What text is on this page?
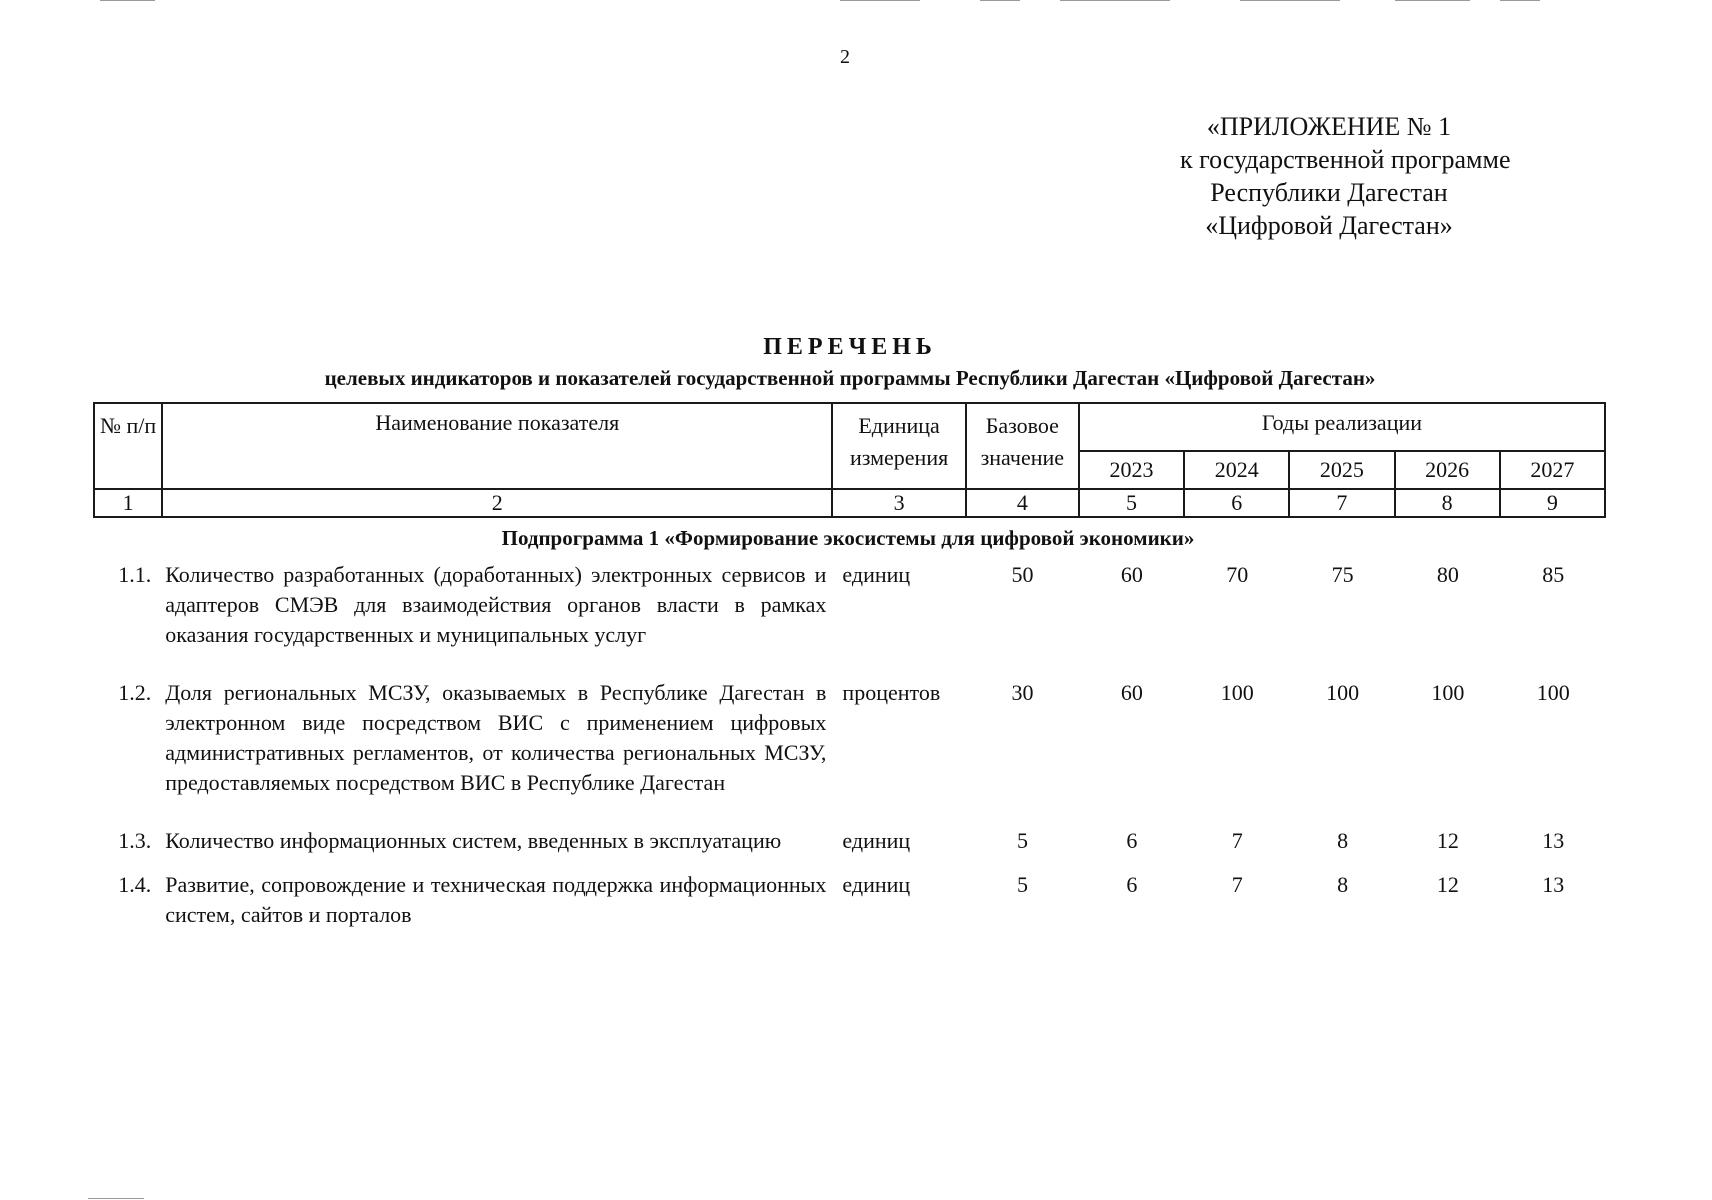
2
«ПРИЛОЖЕНИЕ № 1
к государственной программе
Республики Дагестан
«Цифровой Дагестан»
ПЕРЕЧЕНЬ
целевых индикаторов и показателей государственной программы Республики Дагестан «Цифровой Дагестан»
№ п/п	Наименование показателя	Единица измерения	Базовое значение	Годы реализации				
				2023	2024	2025	2026	2027
1	2	3	4	5	6	7	8	9
Подпрограмма 1 «Формирование экосистемы для цифровой экономики»
1.1.	Количество разработанных (доработанных) электронных сервисов и адаптеров СМЭВ для взаимодействия органов власти в рамках оказания государственных и муниципальных услуг	единиц	50	60	70	75	80	85
1.2.	Доля региональных МСЗУ, оказываемых в Республике Дагестан в электронном виде посредством ВИС с применением цифровых административных регламентов, от количества региональных МСЗУ, предоставляемых посредством ВИС в Республике Дагестан	процентов	30	60	100	100	100	100
1.3.	Количество информационных систем, введенных в эксплуатацию	единиц	5	6	7	8	12	13
1.4.	Развитие, сопровождение и техническая поддержка информационных систем, сайтов и порталов	единиц	5	6	7	8	12	13
